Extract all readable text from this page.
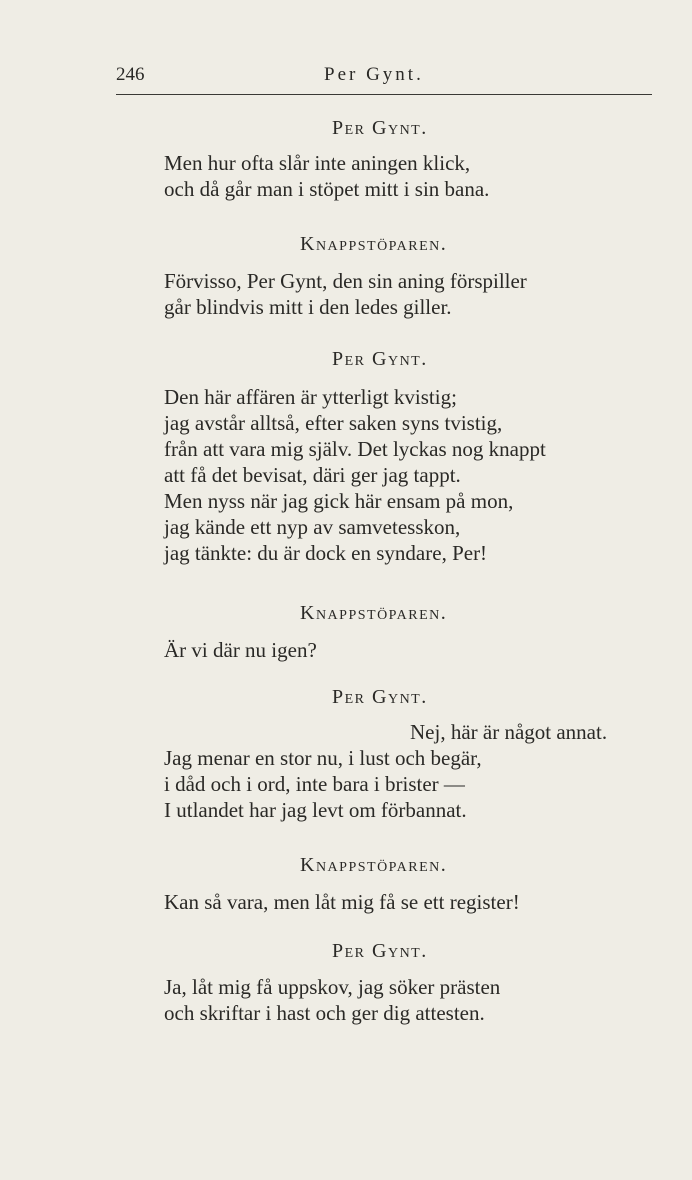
246	Per Gynt.
Per Gynt.
Men hur ofta slår inte aningen klick,
och då går man i stöpet mitt i sin bana.
Knappstöparen.
Förvisso, Per Gynt, den sin aning förspiller
går blindvis mitt i den ledes giller.
Per Gynt.
Den här affären är ytterligt kvistig;
jag avstår alltså, efter saken syns tvistig,
från att vara mig själv. Det lyckas nog knappt
att få det bevisat, däri ger jag tappt.
Men nyss när jag gick här ensam på mon,
jag kände ett nyp av samvetesskon,
jag tänkte: du är dock en syndare, Per!
Knappstöparen.
Är vi där nu igen?
Per Gynt.
Nej, här är något annat.
Jag menar en stor nu, i lust och begär,
i dåd och i ord, inte bara i brister —
I utlandet har jag levt om förbannat.
Knappstöparen.
Kan så vara, men låt mig få se ett register!
Per Gynt.
Ja, låt mig få uppskov, jag söker prästen
och skriftar i hast och ger dig attesten.
